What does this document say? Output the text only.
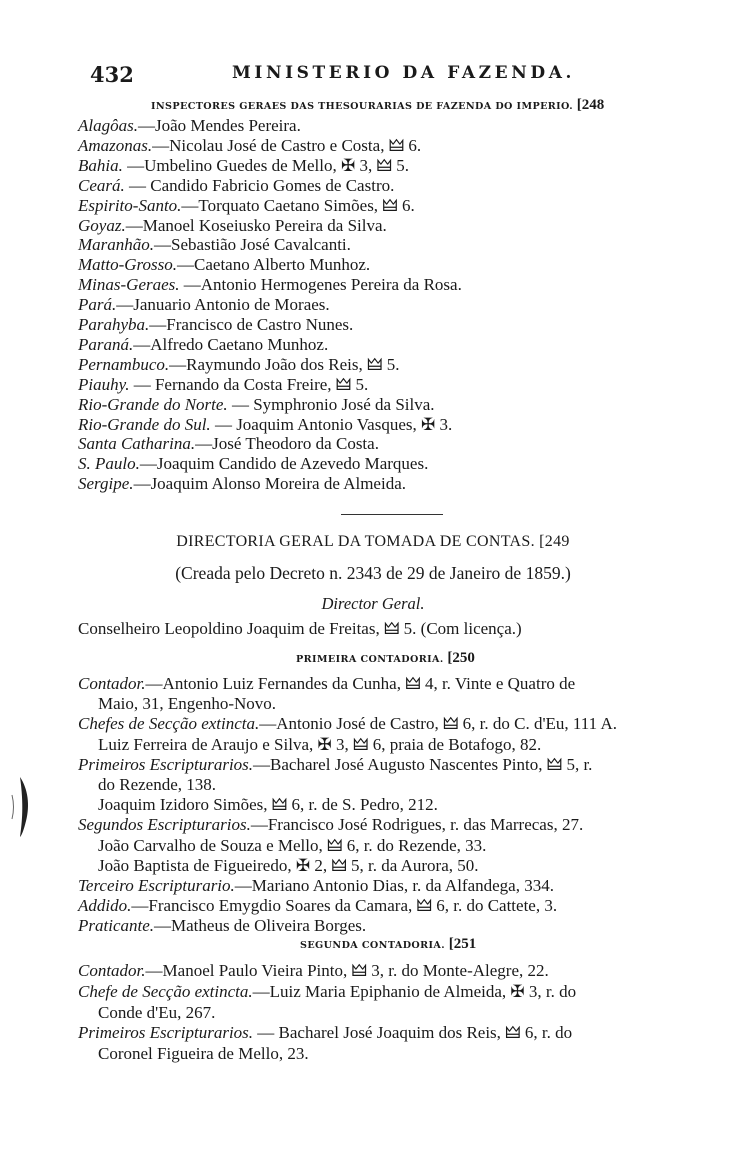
432	MINISTERIO DA FAZENDA.
INSPECTORES GERAES DAS THESOURARIAS DE FAZENDA DO IMPERIO. [248
Alagôas.—João Mendes Pereira.
Amazonas.—Nicolau José de Castro e Costa, 🜲 6.
Bahia. —Umbelino Guedes de Mello, ✠ 3, 🜲 5.
Ceará. — Candido Fabricio Gomes de Castro.
Espirito-Santo.—Torquato Caetano Simões, 🜲 6.
Goyaz.—Manoel Koseiusko Pereira da Silva.
Maranhão.—Sebastião José Cavalcanti.
Matto-Grosso.—Caetano Alberto Munhoz.
Minas-Geraes. —Antonio Hermogenes Pereira da Rosa.
Pará.—Januario Antonio de Moraes.
Parahyba.—Francisco de Castro Nunes.
Paraná.—Alfredo Caetano Munhoz.
Pernambuco.—Raymundo João dos Reis, 🜲 5.
Piauhy. — Fernando da Costa Freire, 🜲 5.
Rio-Grande do Norte. — Symphronio José da Silva.
Rio-Grande do Sul. — Joaquim Antonio Vasques, ✠ 3.
Santa Catharina.—José Theodoro da Costa.
S. Paulo.—Joaquim Candido de Azevedo Marques.
Sergipe.—Joaquim Alonso Moreira de Almeida.
DIRECTORIA GERAL DA TOMADA DE CONTAS. [249
(Creada pelo Decreto n. 2343 de 29 de Janeiro de 1859.)
Director Geral.
Conselheiro Leopoldino Joaquim de Freitas, 🜲 5. (Com licença.)
PRIMEIRA CONTADORIA. [250
Contador.—Antonio Luiz Fernandes da Cunha, 🜲 4, r. Vinte e Quatro de
Maio, 31, Engenho-Novo.
Chefes de Secção extincta.—Antonio José de Castro, 🜲 6, r. do C. d'Eu, 111 A.
Luiz Ferreira de Araujo e Silva, ✠ 3, 🜲 6, praia de Botafogo, 82.
Primeiros Escripturarios.—Bacharel José Augusto Nascentes Pinto, 🜲 5, r.
do Rezende, 138.
Joaquim Izidoro Simões, 🜲 6, r. de S. Pedro, 212.
Segundos Escripturarios.—Francisco José Rodrigues, r. das Marrecas, 27.
João Carvalho de Souza e Mello, 🜲 6, r. do Rezende, 33.
João Baptista de Figueiredo, ✠ 2, 🜲 5, r. da Aurora, 50.
Terceiro Escripturario.—Mariano Antonio Dias, r. da Alfandega, 334.
Addido.—Francisco Emygdio Soares da Camara, 🜲 6, r. do Cattete, 3.
Praticante.—Matheus de Oliveira Borges.
SEGUNDA CONTADORIA. [251
Contador.—Manoel Paulo Vieira Pinto, 🜲 3, r. do Monte-Alegre, 22.
Chefe de Secção extincta.—Luiz Maria Epiphanio de Almeida, ✠ 3, r. do
Conde d'Eu, 267.
Primeiros Escripturarios. — Bacharel José Joaquim dos Reis, 🜲 6, r. do
Coronel Figueira de Mello, 23.
